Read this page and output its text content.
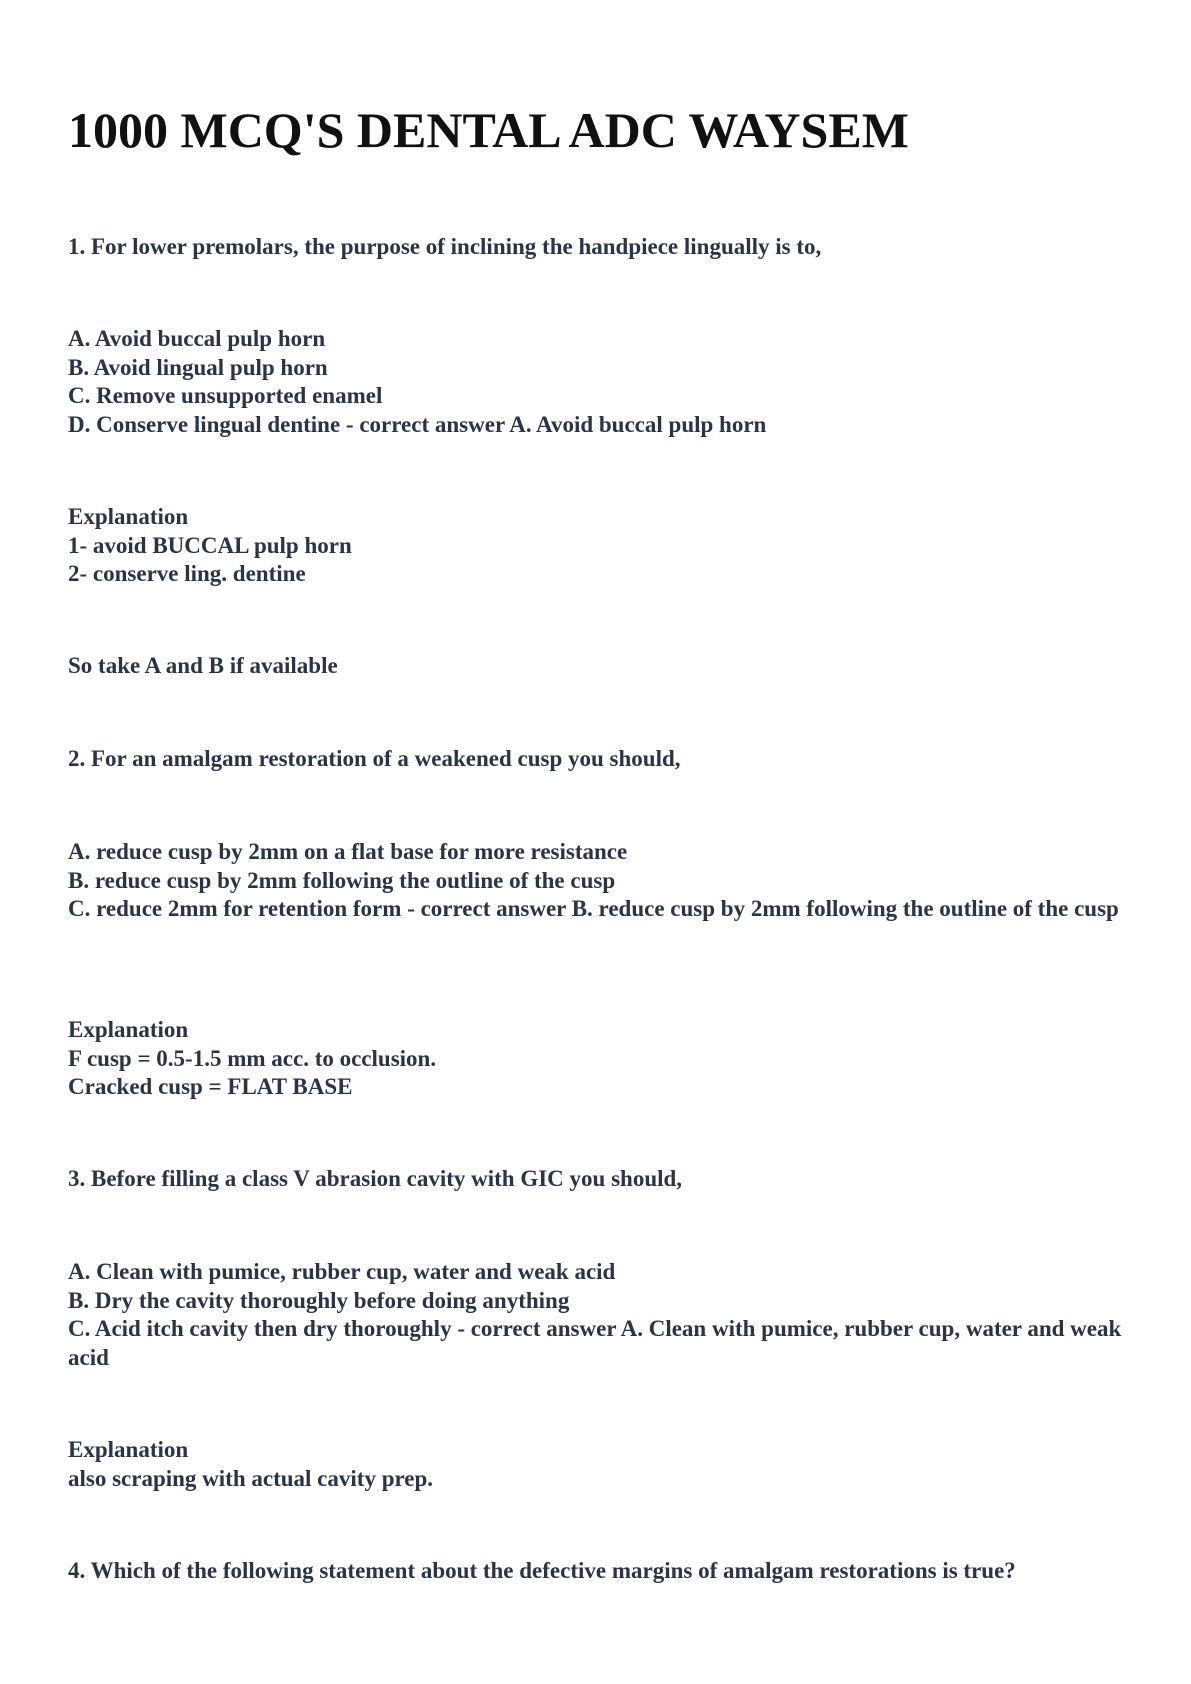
1000 MCQ'S DENTAL ADC WAYSEM

1. For lower premolars, the purpose of inclining the handpiece lingually is to,

A. Avoid buccal pulp horn
B. Avoid lingual pulp horn
C. Remove unsupported enamel
D. Conserve lingual dentine - correct answer A. Avoid buccal pulp horn
Explanation
1- avoid BUCCAL pulp horn
2- conserve ling. dentine

So take A and B if available

2. For an amalgam restoration of a weakened cusp you should,

A. reduce cusp by 2mm on a flat base for more resistance
B. reduce cusp by 2mm following the outline of the cusp
C. reduce 2mm for retention form - correct answer B. reduce cusp by 2mm following the outline of the cusp
Explanation
F cusp = 0.5-1.5 mm acc. to occlusion.
Cracked cusp = FLAT BASE

3. Before filling a class V abrasion cavity with GIC you should,

A. Clean with pumice, rubber cup, water and weak acid
B. Dry the cavity thoroughly before doing anything
C. Acid itch cavity then dry thoroughly - correct answer A. Clean with pumice, rubber cup, water and weak acid
Explanation
also scraping with actual cavity prep.

4. Which of the following statement about the defective margins of amalgam restorations is true?
